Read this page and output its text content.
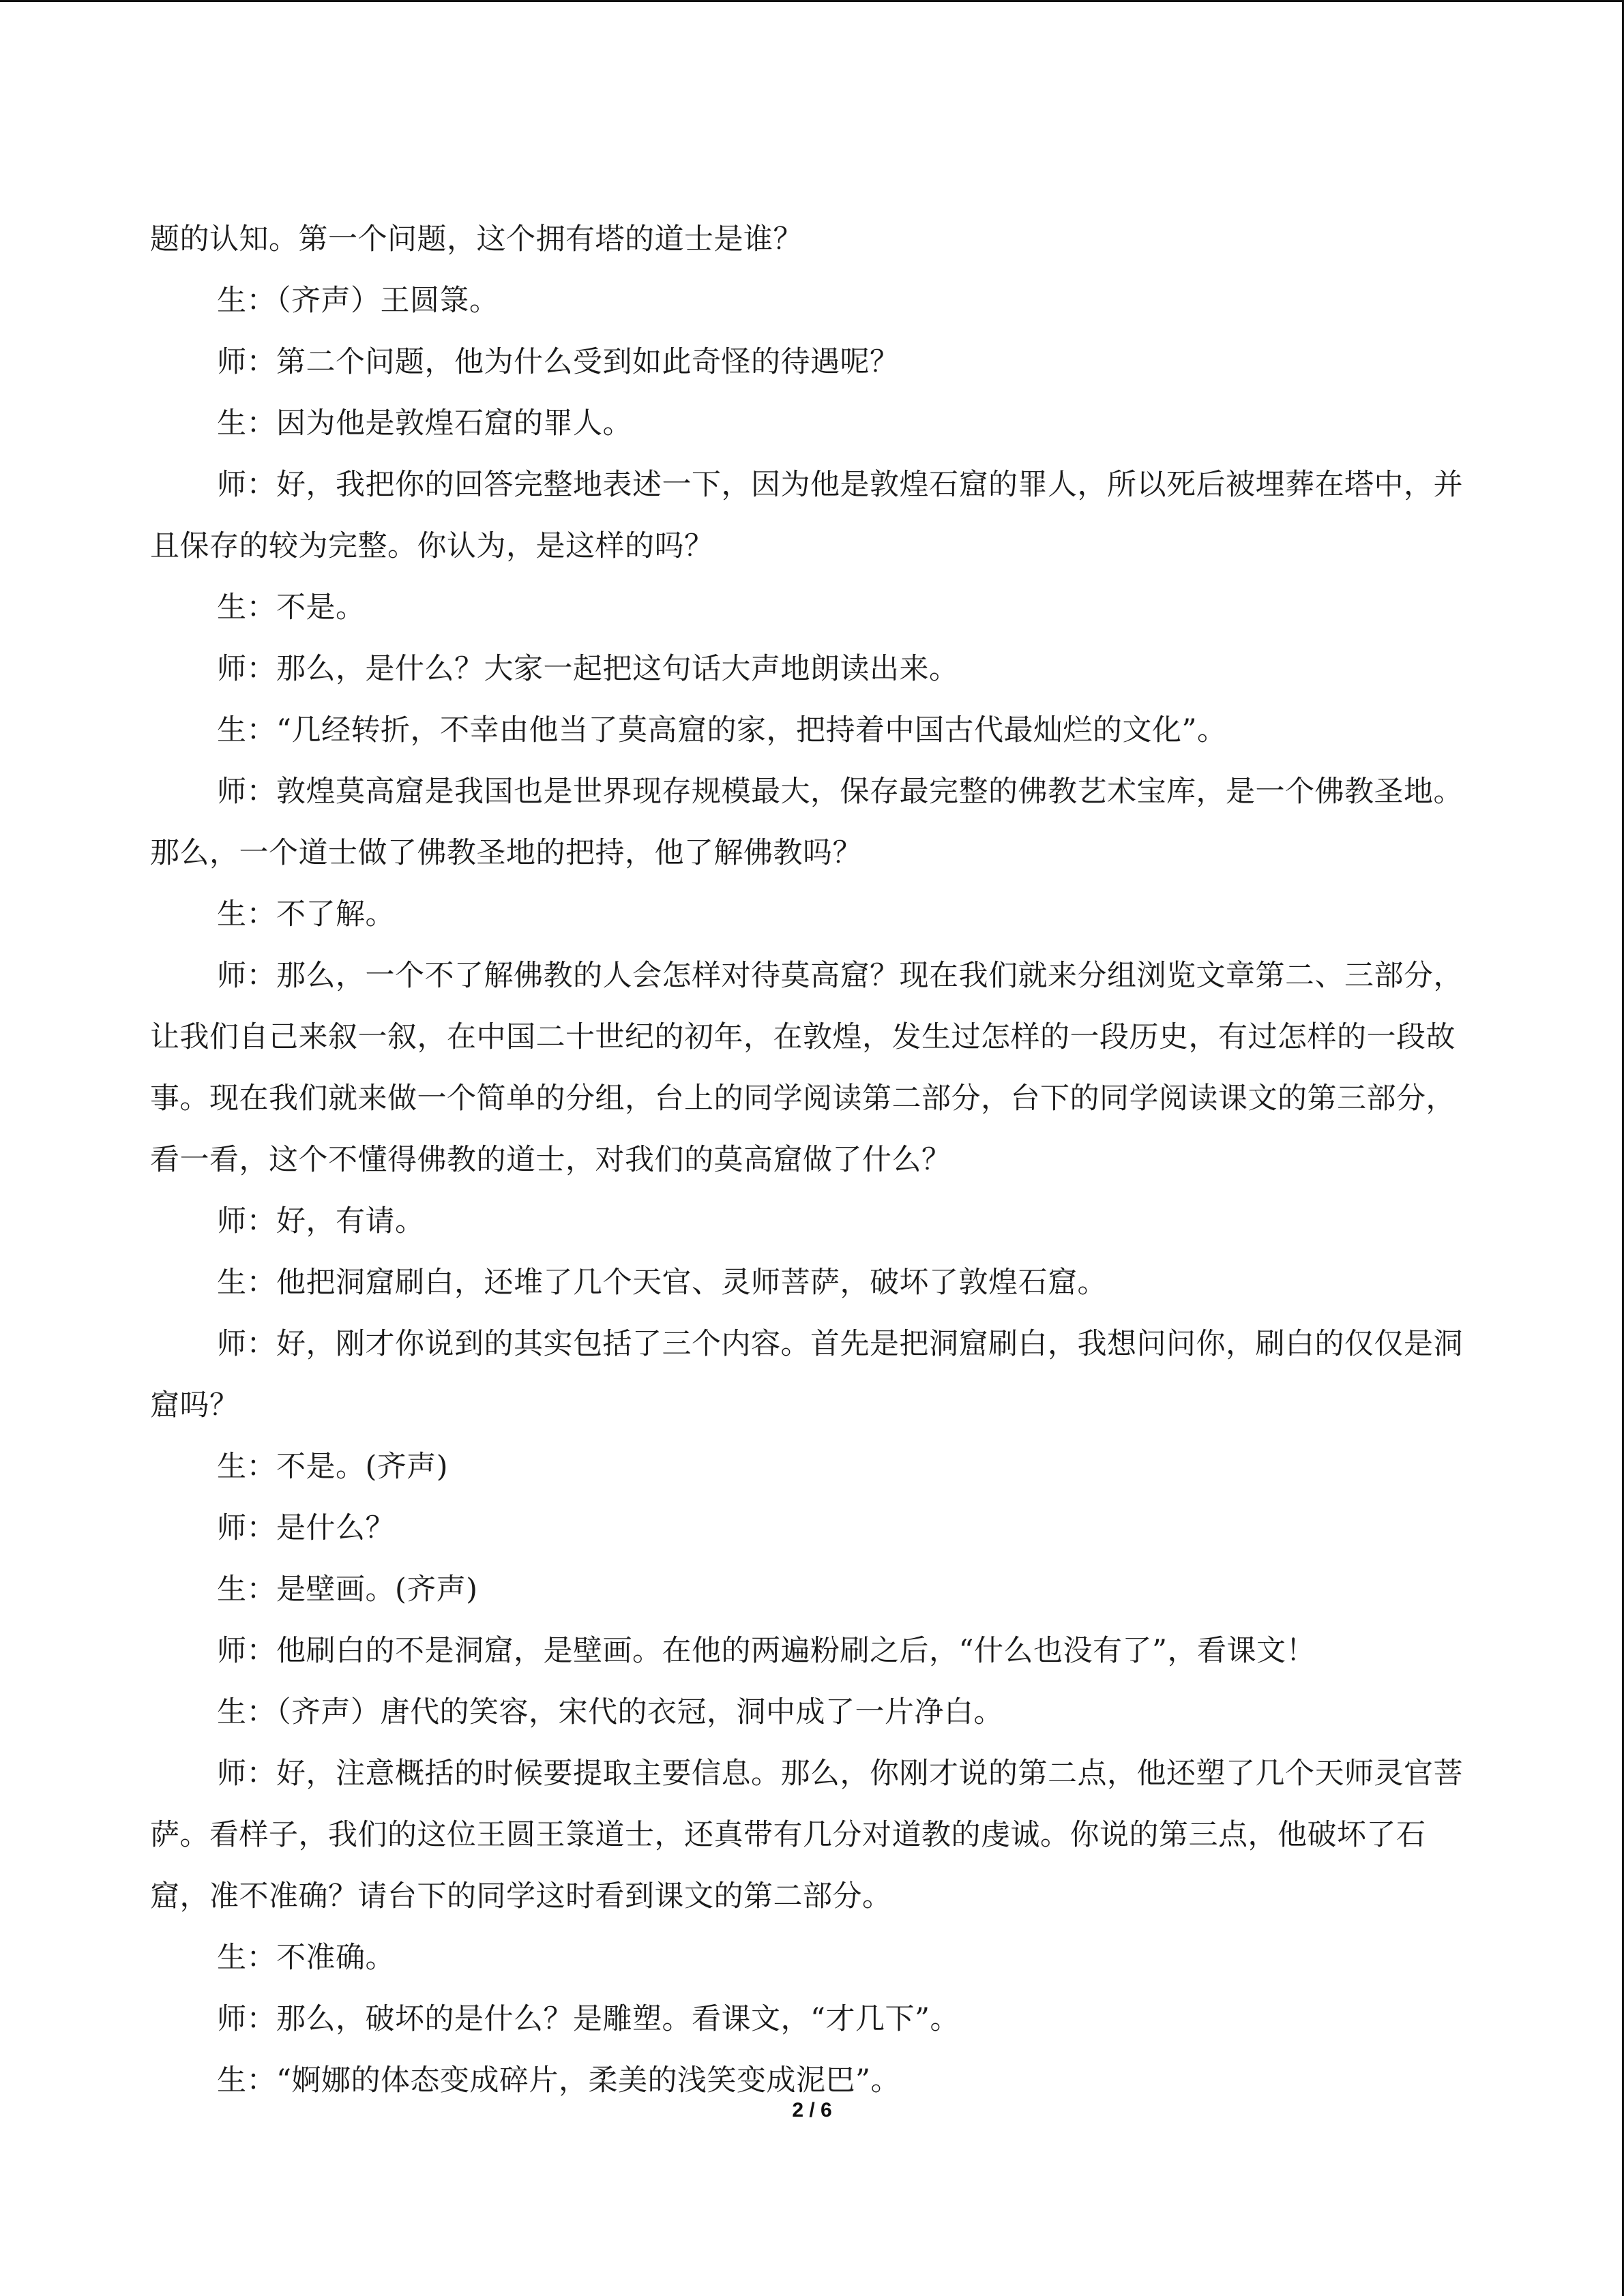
题的认知。第一个问题，这个拥有塔的道士是谁？

生：（齐声）王圆箓。

师：第二个问题，他为什么受到如此奇怪的待遇呢？

生：因为他是敦煌石窟的罪人。

师：好，我把你的回答完整地表述一下，因为他是敦煌石窟的罪人，所以死后被埋葬在塔中，并且保存的较为完整。你认为，是这样的吗？

生：不是。

师：那么，是什么？大家一起把这句话大声地朗读出来。

生：“几经转折，不幸由他当了莫高窟的家，把持着中国古代最灿烂的文化”。

师：敦煌莫高窟是我国也是世界现存规模最大，保存最完整的佛教艺术宝库，是一个佛教圣地。那么，一个道士做了佛教圣地的把持，他了解佛教吗？

生：不了解。

师：那么，一个不了解佛教的人会怎样对待莫高窟？现在我们就来分组浏览文章第二、三部分，让我们自己来叙一叙，在中国二十世纪的初年，在敦煌，发生过怎样的一段历史，有过怎样的一段故事。现在我们就来做一个简单的分组，台上的同学阅读第二部分，台下的同学阅读课文的第三部分，看一看，这个不懂得佛教的道士，对我们的莫高窟做了什么？

师：好，有请。

生：他把洞窟刷白，还堆了几个天官、灵师菩萨，破坏了敦煌石窟。

师：好，刚才你说到的其实包括了三个内容。首先是把洞窟刷白，我想问问你，刷白的仅仅是洞窟吗？

生：不是。(齐声)

师：是什么？

生：是壁画。(齐声)

师：他刷白的不是洞窟，是壁画。在他的两遍粉刷之后，“什么也没有了”，看课文！

生：（齐声）唐代的笑容，宋代的衣冠，洞中成了一片净白。

师：好，注意概括的时候要提取主要信息。那么，你刚才说的第二点，他还塑了几个天师灵官菩萨。看样子，我们的这位王圆王箓道士，还真带有几分对道教的虔诚。你说的第三点，他破坏了石窟，准不准确？请台下的同学这时看到课文的第二部分。

生：不准确。

师：那么，破坏的是什么？是雕塑。看课文，“才几下”。

生：“婀娜的体态变成碎片，柔美的浅笑变成泥巴”。

2 / 6
